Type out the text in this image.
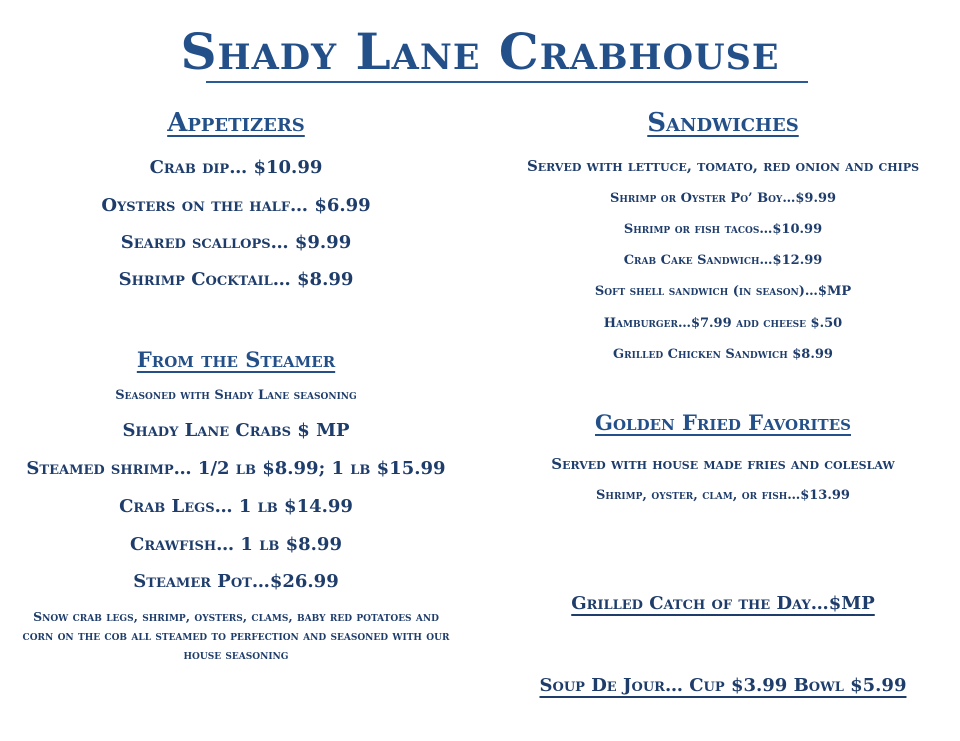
Shady Lane Crabhouse
Appetizers
Crab dip… $10.99
Oysters on the half… $6.99
Seared scallops… $9.99
Shrimp Cocktail… $8.99
From the Steamer
Seasoned with Shady Lane seasoning
Shady Lane Crabs $ MP
Steamed shrimp… 1/2 lb $8.99; 1 lb $15.99
Crab Legs… 1 lb $14.99
Crawfish… 1 lb $8.99
Steamer Pot…$26.99
Snow crab legs, shrimp, oysters, clams, baby red potatoes and corn on the cob all steamed to perfection and seasoned with our house seasoning
Sandwiches
Served with lettuce, tomato, red onion and chips
Shrimp or Oyster Po’ Boy…$9.99
Shrimp or fish tacos…$10.99
Crab Cake Sandwich…$12.99
Soft shell sandwich (in season)…$MP
Hamburger…$7.99 add cheese $.50
Grilled Chicken Sandwich $8.99
Golden Fried Favorites
Served with house made fries and coleslaw
Shrimp, oyster, clam, or fish…$13.99
Grilled Catch of the Day…$MP
Soup De Jour… Cup $3.99 Bowl $5.99
